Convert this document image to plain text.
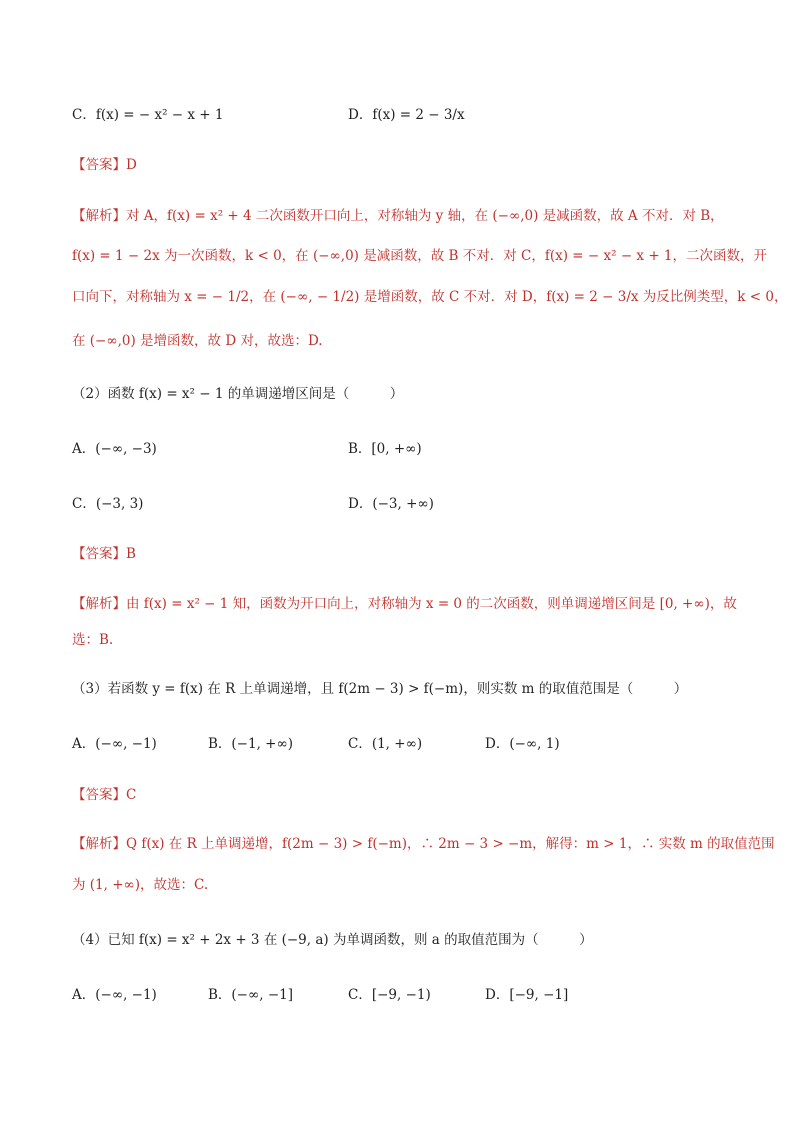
C．f(x) = − x² − x + 1	D．f(x) = 2 − 3/x
【答案】D
【解析】对 A，f(x) = x² + 4 二次函数开口向上，对称轴为 y 轴，在 (−∞,0) 是减函数，故 A 不对．对 B，
f(x) = 1 − 2x 为一次函数，k < 0，在 (−∞,0) 是减函数，故 B 不对．对 C，f(x) = − x² − x + 1，二次函数，开
口向下，对称轴为 x = − 1/2，在 (−∞, − 1/2) 是增函数，故 C 不对．对 D，f(x) = 2 − 3/x 为反比例类型，k < 0，
在 (−∞,0) 是增函数，故 D 对，故选：D.
（2）函数 f(x) = x² − 1 的单调递增区间是（　　　）
A．(−∞, −3)	B．[0, +∞)
C．(−3, 3)	D．(−3, +∞)
【答案】B
【解析】由 f(x) = x² − 1 知，函数为开口向上，对称轴为 x = 0 的二次函数，则单调递增区间是 [0, +∞)，故
选：B.
（3）若函数 y = f(x) 在 R 上单调递增，且 f(2m − 3) > f(−m)，则实数 m 的取值范围是（　　　）
A．(−∞, −1)	B．(−1, +∞)	C．(1, +∞)	D．(−∞, 1)
【答案】C
【解析】Q f(x) 在 R 上单调递增，f(2m − 3) > f(−m)，∴ 2m − 3 > −m，解得：m > 1，∴ 实数 m 的取值范围
为 (1, +∞)，故选：C.
（4）已知 f(x) = x² + 2x + 3 在 (−9, a) 为单调函数，则 a 的取值范围为（　　　）
A．(−∞, −1)	B．(−∞, −1]	C．[−9, −1)	D．[−9, −1]
